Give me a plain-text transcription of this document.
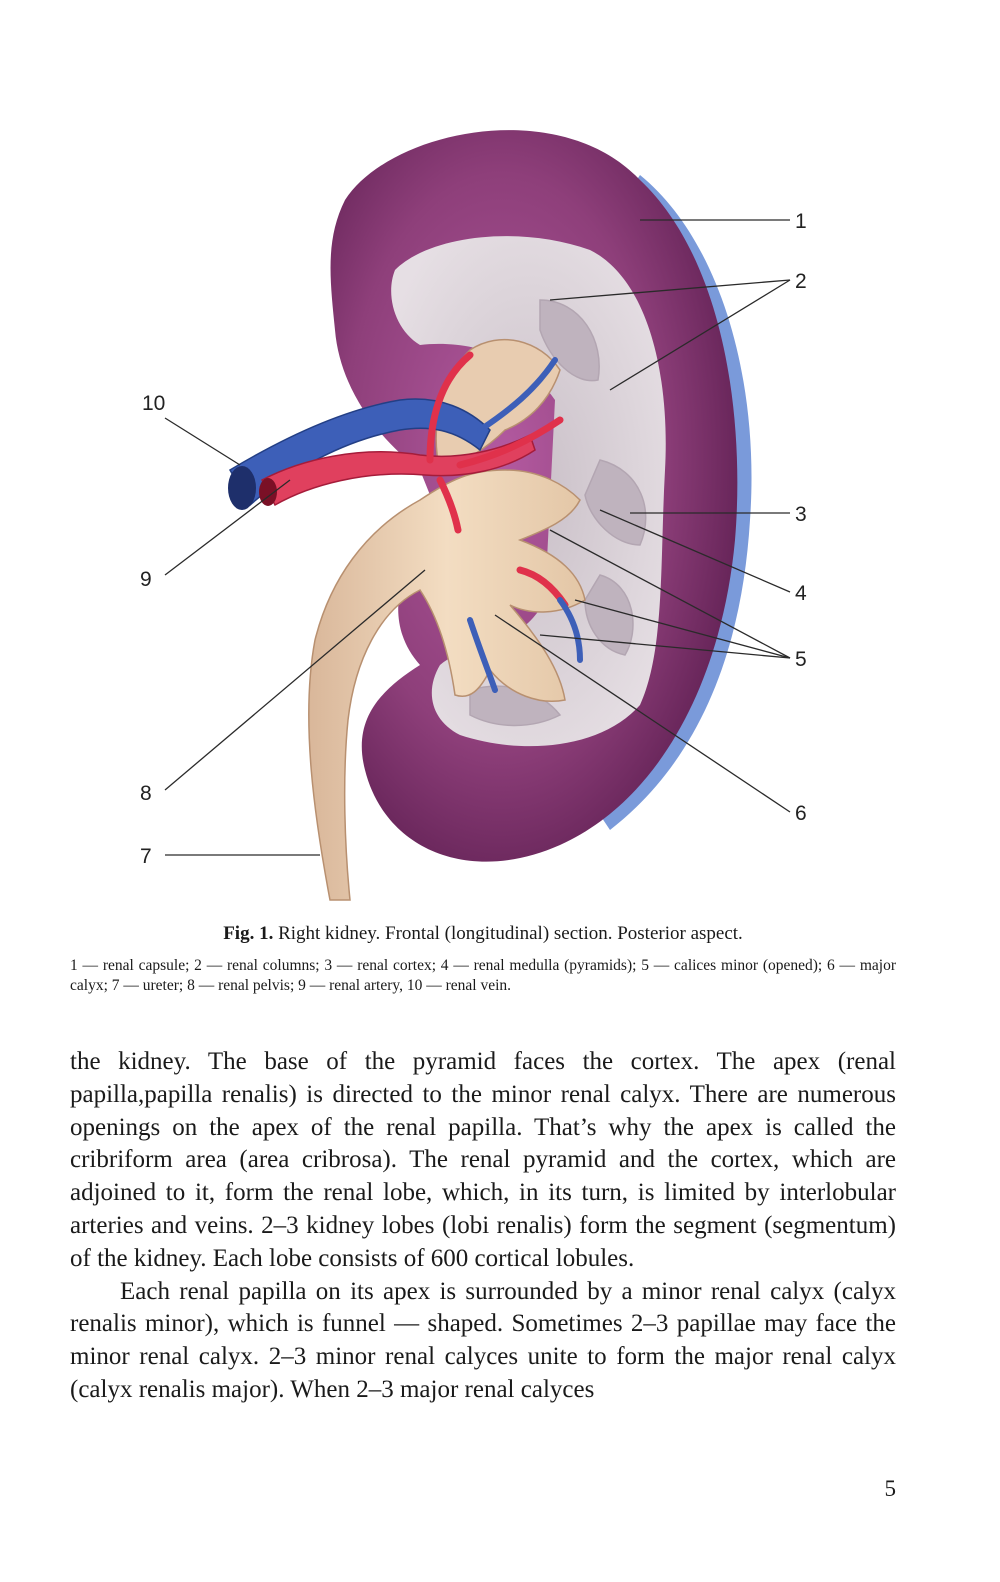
1
2
3
4
5
6
7
8
9
10

Fig. 1. Right kidney. Frontal (longitudinal) section. Posterior aspect.

1 — renal capsule; 2 — renal columns; 3 — renal cortex; 4 — renal medulla (pyramids); 5 — calices minor (opened); 6 — major calyx; 7 — ureter; 8 — renal pelvis; 9 — renal artery, 10 — renal vein.

the kidney. The base of the pyramid faces the cortex. The apex (renal papilla,papilla renalis) is directed to the minor renal calyx. There are numerous openings on the apex of the renal papilla. That’s why the apex is called the cribriform area (area cribrosa). The renal pyramid and the cortex, which are adjoined to it, form the renal lobe, which, in its turn, is limited by interlobular arteries and veins. 2–3 kidney lobes (lobi renalis) form the segment (segmentum) of the kidney. Each lobe consists of 600 cortical lobules.

Each renal papilla on its apex is surrounded by a minor renal calyx (calyx renalis minor), which is funnel — shaped. Sometimes 2–3 papillae may face the minor renal calyx. 2–3 minor renal calyces unite to form the major renal calyx (calyx renalis major). When 2–3 major renal calyces

5
